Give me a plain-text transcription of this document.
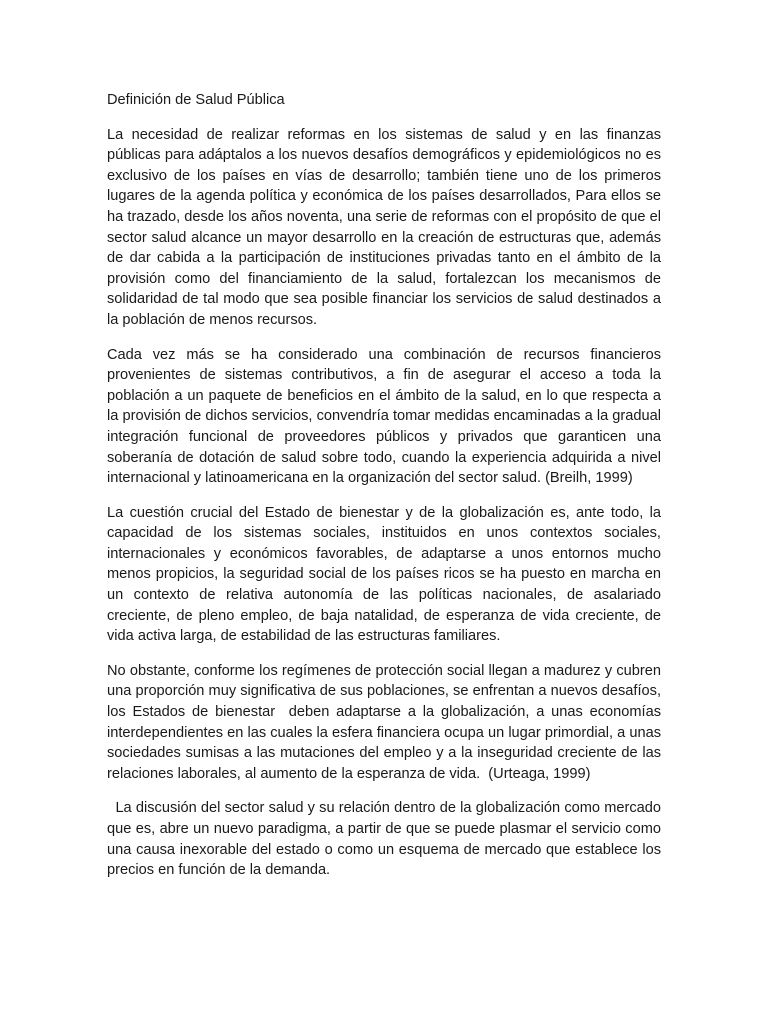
Definición de Salud Pública

La necesidad de realizar reformas en los sistemas de salud y en las finanzas públicas para adáptalos a los nuevos desafíos demográficos y epidemiológicos no es exclusivo de los países en vías de desarrollo; también tiene uno de los primeros lugares de la agenda política y económica de los países desarrollados, Para ellos se ha trazado, desde los años noventa, una serie de reformas con el propósito de que el sector salud alcance un mayor desarrollo en la creación de estructuras que, además de dar cabida a la participación de instituciones privadas tanto en el ámbito de la provisión como del financiamiento de la salud, fortalezcan los mecanismos de solidaridad de tal modo que sea posible financiar los servicios de salud destinados a la población de menos recursos.

Cada vez más se ha considerado una combinación de recursos financieros provenientes de sistemas contributivos, a fin de asegurar el acceso a toda la población a un paquete de beneficios en el ámbito de la salud, en lo que respecta a la provisión de dichos servicios, convendría tomar medidas encaminadas a la gradual integración funcional de proveedores públicos y privados que garanticen una soberanía de dotación de salud sobre todo, cuando la experiencia adquirida a nivel internacional y latinoamericana en la organización del sector salud. (Breilh, 1999)

La cuestión crucial del Estado de bienestar y de la globalización es, ante todo, la capacidad de los sistemas sociales, instituidos en unos contextos sociales, internacionales y económicos favorables, de adaptarse a unos entornos mucho menos propicios, la seguridad social de los países ricos se ha puesto en marcha en un contexto de relativa autonomía de las políticas nacionales, de asalariado creciente, de pleno empleo, de baja natalidad, de esperanza de vida creciente, de vida activa larga, de estabilidad de las estructuras familiares.

No obstante, conforme los regímenes de protección social llegan a madurez y cubren una proporción muy significativa de sus poblaciones, se enfrentan a nuevos desafíos, los Estados de bienestar  deben adaptarse a la globalización, a unas economías interdependientes en las cuales la esfera financiera ocupa un lugar primordial, a unas sociedades sumisas a las mutaciones del empleo y a la inseguridad creciente de las relaciones laborales, al aumento de la esperanza de vida.  (Urteaga, 1999)

La discusión del sector salud y su relación dentro de la globalización como mercado que es, abre un nuevo paradigma, a partir de que se puede plasmar el servicio como una causa inexorable del estado o como un esquema de mercado que establece los precios en función de la demanda.
